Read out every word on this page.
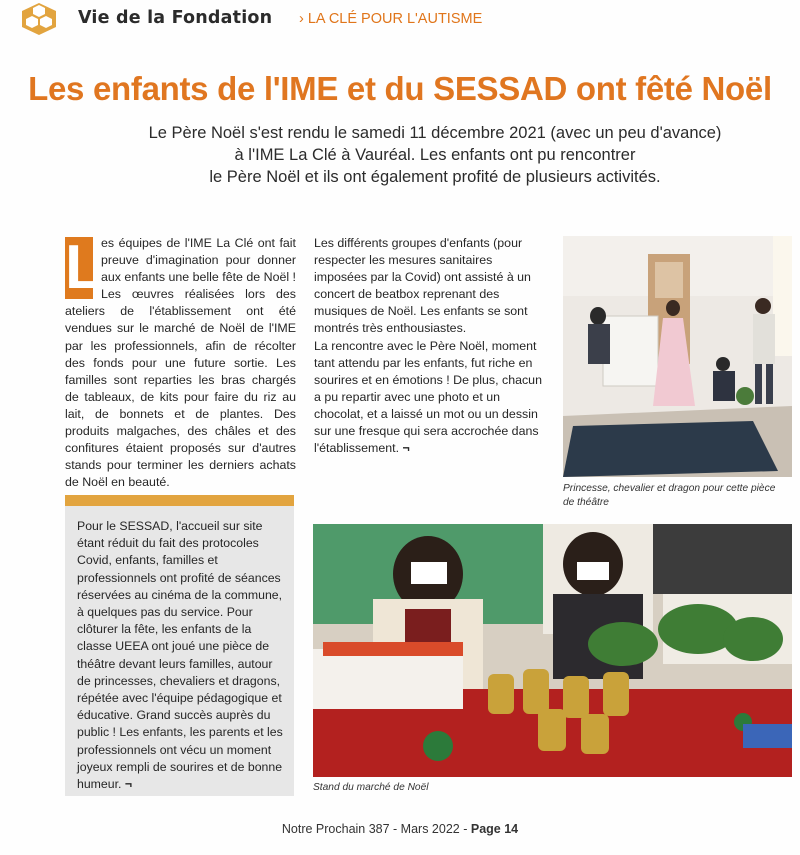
Vie de la Fondation › LA CLÉ POUR L'AUTISME
Les enfants de l'IME et du SESSAD ont fêté Noël
Le Père Noël s'est rendu le samedi 11 décembre 2021 (avec un peu d'avance)
à l'IME La Clé à Vauréal. Les enfants ont pu rencontrer
le Père Noël et ils ont également profité de plusieurs activités.
L

es équipes de l'IME La Clé ont fait preuve d'imagination pour donner aux enfants une belle fête de Noël ! Les œuvres réalisées lors des ateliers de l'établissement ont été vendues sur le marché de Noël de l'IME par les professionnels, afin de récolter des fonds pour une future sortie. Les familles sont reparties les bras chargés de tableaux, de kits pour faire du riz au lait, de bonnets et de plantes. Des produits malgaches, des châles et des confitures étaient proposés sur d'autres stands pour terminer les derniers achats de Noël en beauté.

Les différents groupes d'enfants (pour respecter les mesures sanitaires imposées par la Covid) ont assisté à un concert de beatbox reprenant des musiques de Noël. Les enfants se sont montrés très enthousiastes.

La rencontre avec le Père Noël, moment tant attendu par les enfants, fut riche en sourires et en émotions ! De plus, chacun a pu repartir avec une photo et un chocolat, et a laissé un mot ou un dessin sur une fresque qui sera accrochée dans l'établissement. ¬

Pour le SESSAD, l'accueil sur site étant réduit du fait des protocoles Covid, enfants, familles et professionnels ont profité de séances réservées au cinéma de la commune, à quelques pas du service. Pour clôturer la fête, les enfants de la classe UEEA ont joué une pièce de théâtre devant leurs familles, autour de princesses, chevaliers et dragons, répétée avec l'équipe pédagogique et éducative. Grand succès auprès du public ! Les enfants, les parents et les professionnels ont vécu un moment joyeux rempli de sourires et de bonne humeur. ¬
Princesse, chevalier et dragon pour cette pièce de théâtre
Stand du marché de Noël
Notre Prochain 387 - Mars 2022 - Page 14
